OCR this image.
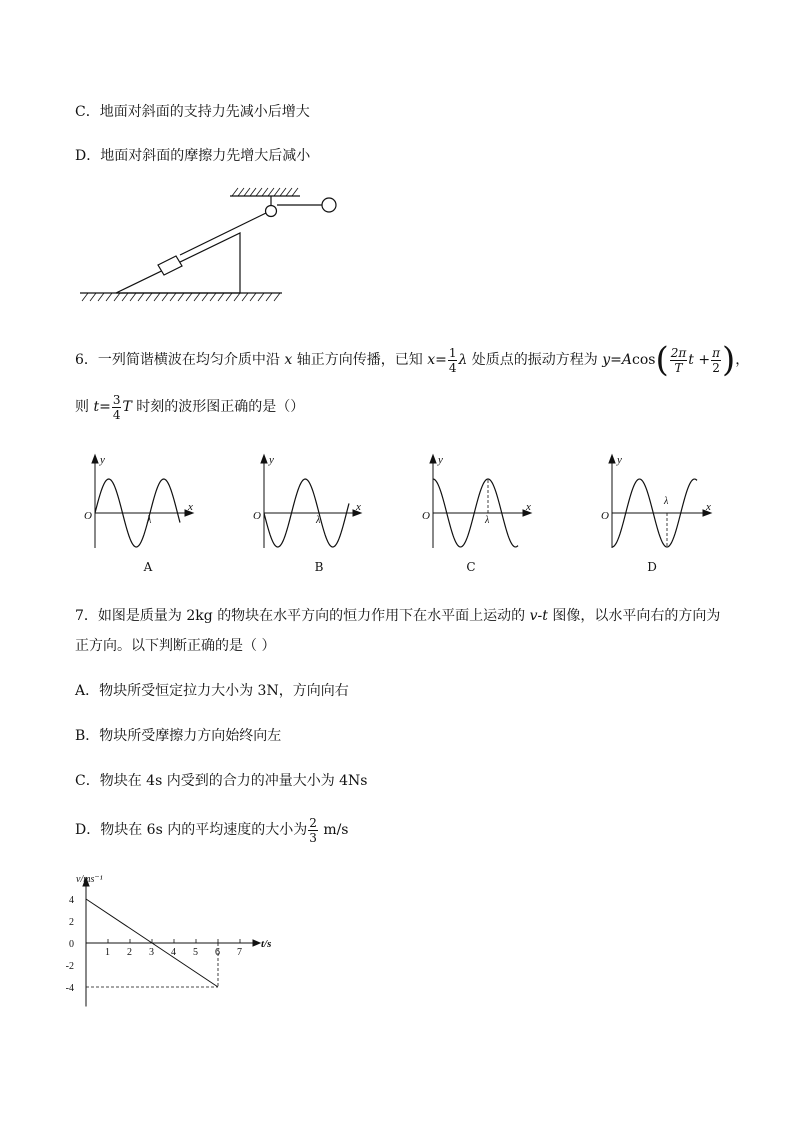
C．地面对斜面的支持力先减小后增大
D．地面对斜面的摩擦力先增大后减小
6．一列简谐横波在均匀介质中沿 x 轴正方向传播，已知 $x= \frac{1}{4}$ λ 处质点的振动方程为 $y=Acos( \frac{2\pi}{T}$ $t + \frac{\pi}{2}$ )，
则 $t= \frac{3}{4}$ T 时刻的波形图正确的是（）
y
x
O	λ
y
x
O	λ
y
x
O	λ
y
x
O
λ
A	B	C	D
7．如图是质量为 2kg 的物块在水平方向的恒力作用下在水平面上运动的 v-t 图像，以水平向右的方向为
正方向。以下判断正确的是（ ）
A．物块所受恒定拉力大小为 3N，方向向右
B．物块所受摩擦力方向始终向左
C．物块在 4s 内受到的合力的冲量大小为 4Ns
D．物块在 6s 内的平均速度的大小为 $\frac{2}{3} m/s$
1 2 3 4 5 6 7
4
2
0
-2
-4
v/ms⁻¹
t/s
